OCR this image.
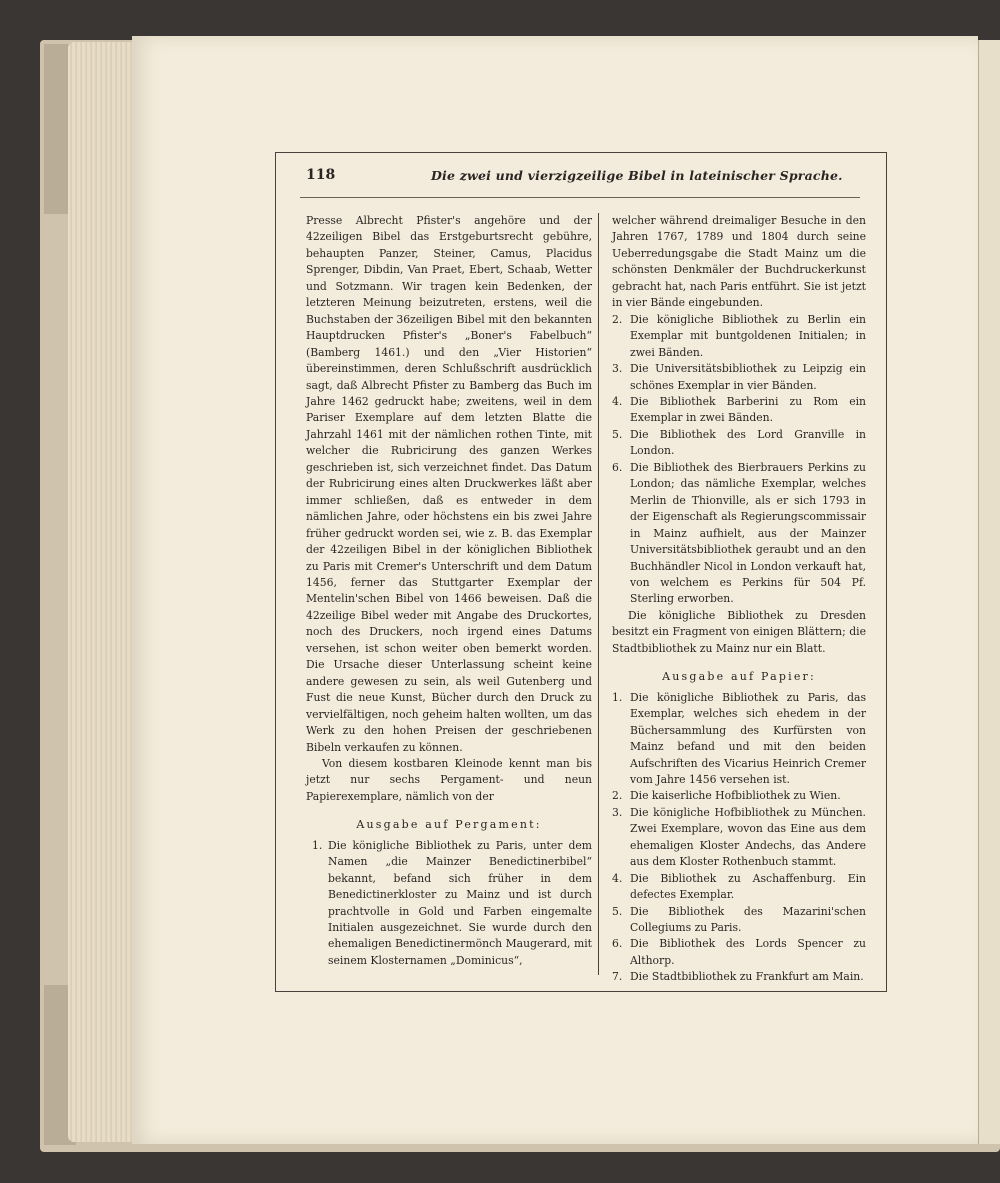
118	Die zwei und vierzigzeilige Bibel in lateinischer Sprache.

Presse Albrecht Pfister's angehöre und der 42zeiligen Bibel das Erstgeburtsrecht gebühre, behaupten Panzer, Steiner, Camus, Placidus Sprenger, Dibdin, Van Praet, Ebert, Schaab, Wetter und Sotzmann. Wir tragen kein Bedenken, der letzteren Meinung beizutreten, erstens, weil die Buchstaben der 36zeiligen Bibel mit den bekannten Hauptdrucken Pfister's „Boner's Fabelbuch“ (Bamberg 1461.) und den „Vier Historien“ übereinstimmen, deren Schlußschrift ausdrücklich sagt, daß Albrecht Pfister zu Bamberg das Buch im Jahre 1462 gedruckt habe; zweitens, weil in dem Pariser Exemplare auf dem letzten Blatte die Jahrzahl 1461 mit der nämlichen rothen Tinte, mit welcher die Rubricirung des ganzen Werkes geschrieben ist, sich verzeichnet findet. Das Datum der Rubricirung eines alten Druckwerkes läßt aber immer schließen, daß es entweder in dem nämlichen Jahre, oder höchstens ein bis zwei Jahre früher gedruckt worden sei, wie z. B. das Exemplar der 42zeiligen Bibel in der königlichen Bibliothek zu Paris mit Cremer's Unterschrift und dem Datum 1456, ferner das Stuttgarter Exemplar der Mentelin'schen Bibel von 1466 beweisen. Daß die 42zeilige Bibel weder mit Angabe des Druckortes, noch des Druckers, noch irgend eines Datums versehen, ist schon weiter oben bemerkt worden. Die Ursache dieser Unterlassung scheint keine andere gewesen zu sein, als weil Gutenberg und Fust die neue Kunst, Bücher durch den Druck zu vervielfältigen, noch geheim halten wollten, um das Werk zu den hohen Preisen der geschriebenen Bibeln verkaufen zu können.

Von diesem kostbaren Kleinode kennt man bis jetzt nur sechs Pergament- und neun Papierexemplare, nämlich von der

Ausgabe auf Pergament:

1. Die königliche Bibliothek zu Paris, unter dem Namen „die Mainzer Benedictinerbibel“ bekannt, befand sich früher in dem Benedictinerkloster zu Mainz und ist durch prachtvolle in Gold und Farben eingemalte Initialen ausgezeichnet. Sie wurde durch den ehemaligen Benedictinermönch Maugerard, mit seinem Klosternamen „Dominicus“,

welcher während dreimaliger Besuche in den Jahren 1767, 1789 und 1804 durch seine Ueberredungsgabe die Stadt Mainz um die schönsten Denkmäler der Buchdruckerkunst gebracht hat, nach Paris entführt. Sie ist jetzt in vier Bände eingebunden.

2. Die königliche Bibliothek zu Berlin ein Exemplar mit buntgoldenen Initialen; in zwei Bänden.
3. Die Universitätsbibliothek zu Leipzig ein schönes Exemplar in vier Bänden.
4. Die Bibliothek Barberini zu Rom ein Exemplar in zwei Bänden.
5. Die Bibliothek des Lord Granville in London.
6. Die Bibliothek des Bierbrauers Perkins zu London; das nämliche Exemplar, welches Merlin de Thionville, als er sich 1793 in der Eigenschaft als Regierungscommissair in Mainz aufhielt, aus der Mainzer Universitätsbibliothek geraubt und an den Buchhändler Nicol in London verkauft hat, von welchem es Perkins für 504 Pf. Sterling erworben.

Die königliche Bibliothek zu Dresden besitzt ein Fragment von einigen Blättern; die Stadtbibliothek zu Mainz nur ein Blatt.

Ausgabe auf Papier:

1. Die königliche Bibliothek zu Paris, das Exemplar, welches sich ehedem in der Büchersammlung des Kurfürsten von Mainz befand und mit den beiden Aufschriften des Vicarius Heinrich Cremer vom Jahre 1456 versehen ist.
2. Die kaiserliche Hofbibliothek zu Wien.
3. Die königliche Hofbibliothek zu München. Zwei Exemplare, wovon das Eine aus dem ehemaligen Kloster Andechs, das Andere aus dem Kloster Rothenbuch stammt.
4. Die Bibliothek zu Aschaffenburg. Ein defectes Exemplar.
5. Die Bibliothek des Mazarini'schen Collegiums zu Paris.
6. Die Bibliothek des Lords Spencer zu Althorp.
7. Die Stadtbibliothek zu Frankfurt am Main.
